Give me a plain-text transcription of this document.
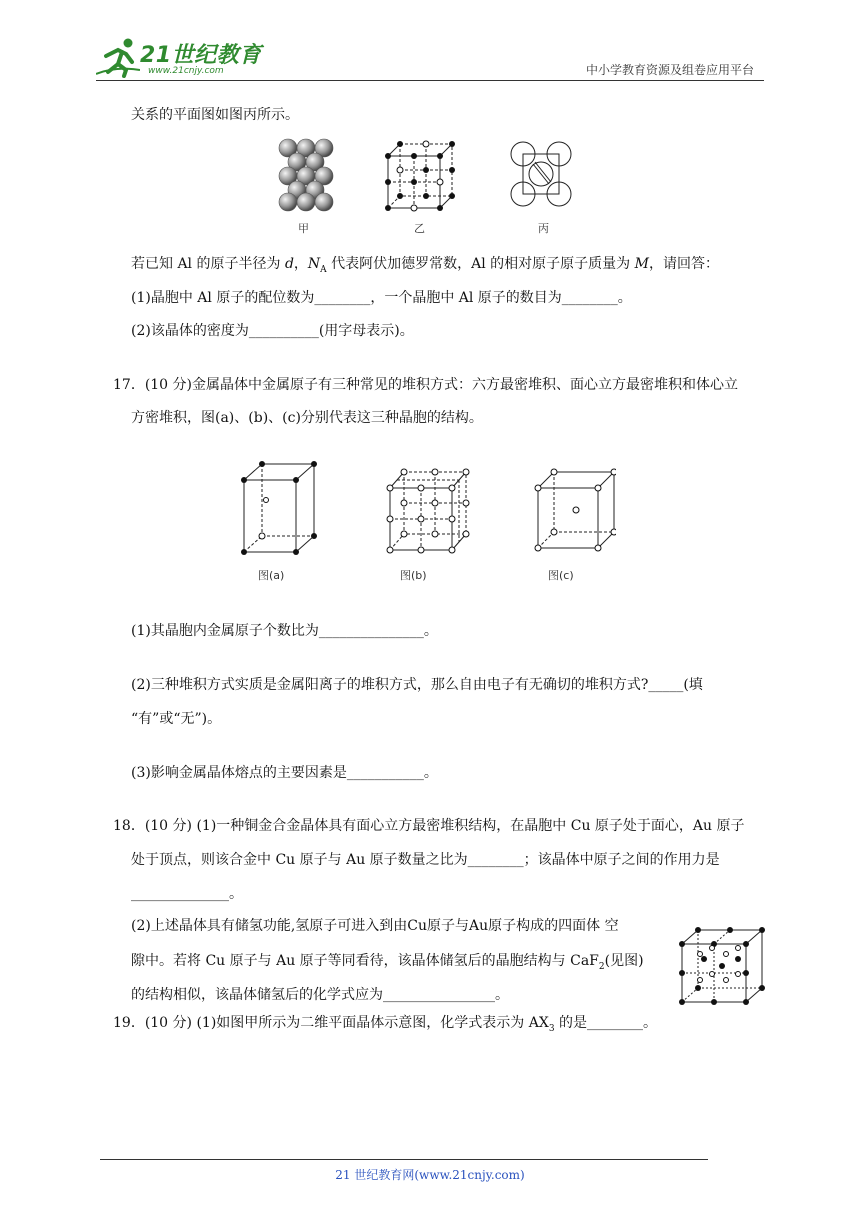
21世纪教育
www.21cnjy.com	中小学教育资源及组卷应用平台
关系的平面图如图丙所示。
甲	乙	丙
若已知 Al 的原子半径为 d，$N_A$ 代表阿伏加德罗常数，Al 的相对原子原子质量为 M，请回答：
(1)晶胞中 Al 原子的配位数为________，一个晶胞中 Al 原子的数目为________。
(2)该晶体的密度为__________(用字母表示)。
17．(10 分)金属晶体中金属原子有三种常见的堆积方式：六方最密堆积、面心立方最密堆积和体心立
方密堆积，图(a)、(b)、(c)分别代表这三种晶胞的结构。
图(a)	图(b)	图(c)
(1)其晶胞内金属原子个数比为_______________。
(2)三种堆积方式实质是金属阳离子的堆积方式，那么自由电子有无确切的堆积方式?_____(填
“有”或“无”)。
(3)影响金属晶体熔点的主要因素是___________。
18．(10 分) (1)一种铜金合金晶体具有面心立方最密堆积结构，在晶胞中 Cu 原子处于面心，Au 原子
处于顶点，则该合金中 Cu 原子与 Au 原子数量之比为________；该晶体中原子之间的作用力是
______________。
(2)上述晶体具有储氢功能,氢原子可进入到由Cu原子与Au原子构成的四面体 空
隙中。若将 Cu 原子与 Au 原子等同看待，该晶体储氢后的晶胞结构与 CaF$_2$(见图)
的结构相似，该晶体储氢后的化学式应为________________。
19．(10 分) (1)如图甲所示为二维平面晶体示意图，化学式表示为 $AX_3$ 的是________。
21 世纪教育网(www.21cnjy.com)
